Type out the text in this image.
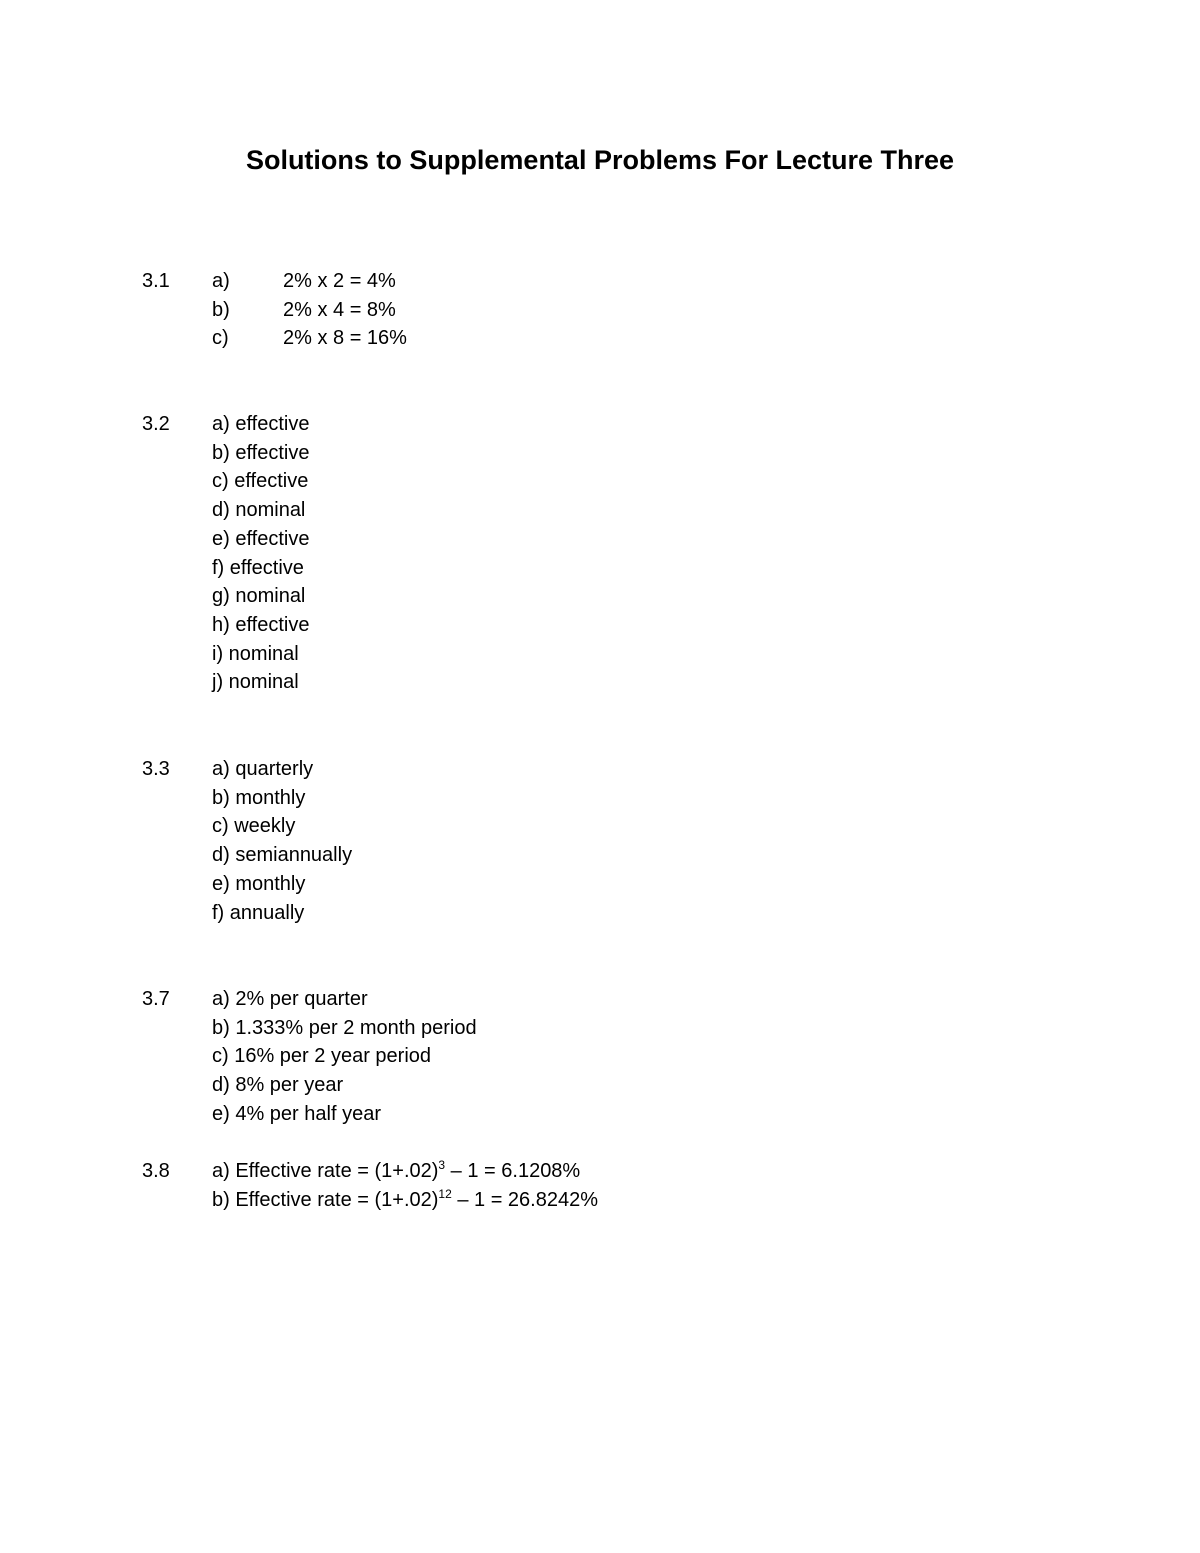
Solutions to Supplemental Problems For Lecture Three
3.1 a)	2% x 2 = 4%
b)	2% x 4 = 8%
c)	2% x 8 = 16%
3.2 a) effective
b) effective
c) effective
d) nominal
e) effective
f) effective
g) nominal
h) effective
i) nominal
j) nominal
3.3 a) quarterly
b) monthly
c) weekly
d) semiannually
e) monthly
f) annually
3.7 a) 2% per quarter
b) 1.333% per 2 month period
c) 16% per 2 year period
d) 8% per year
e) 4% per half year
3.8 a) Effective rate = $(1+.02)^3 - 1 = 6.1208\%$
b) Effective rate = $(1+.02)^{12} - 1 = 26.8242\%$
